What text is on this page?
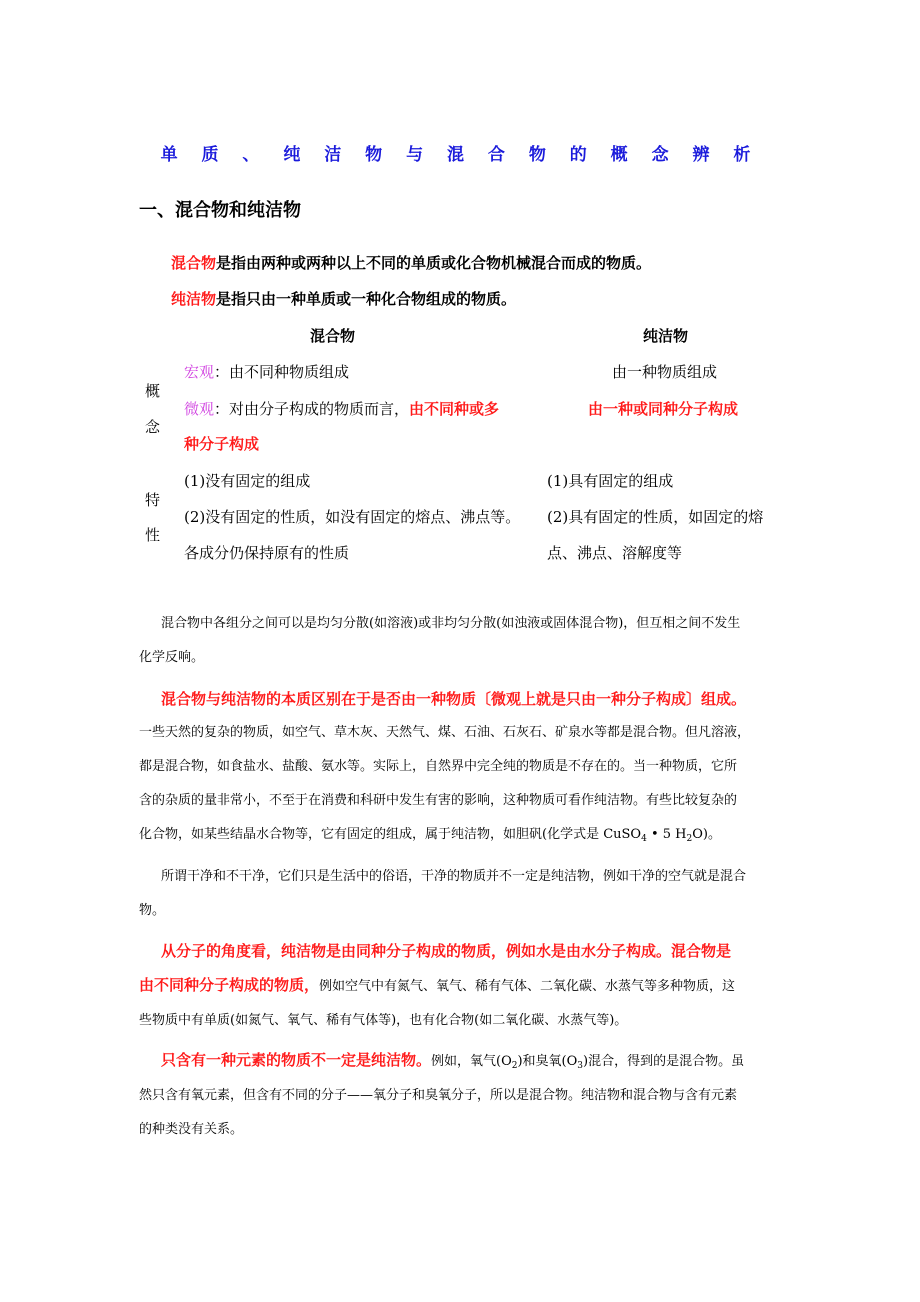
单 质 、 纯 洁 物 与 混 合 物 的 概 念 辨 析
一、混合物和纯洁物
混合物是指由两种或两种以上不同的单质或化合物机械混合而成的物质。
纯洁物是指只由一种单质或一种化合物组成的物质。
混合物	纯洁物
概
念
宏观：由不同种物质组成	由一种物质组成
微观：对由分子构成的物质而言，由不同种或多
种分子构成
由一种或同种分子构成
特
性
(1)没有固定的组成
(2)没有固定的性质，如没有固定的熔点、沸点等。
各成分仍保持原有的性质
(1)具有固定的组成
(2)具有固定的性质，如固定的熔
点、沸点、溶解度等
混合物中各组分之间可以是均匀分散(如溶液)或非均匀分散(如浊液或固体混合物)，但互相之间不发生
化学反响。
混合物与纯洁物的本质区别在于是否由一种物质〔微观上就是只由一种分子构成〕组成。
一些天然的复杂的物质，如空气、草木灰、天然气、煤、石油、石灰石、矿泉水等都是混合物。但凡溶液，
都是混合物，如食盐水、盐酸、氨水等。实际上，自然界中完全纯的物质是不存在的。当一种物质，它所
含的杂质的量非常小，不至于在消费和科研中发生有害的影响，这种物质可看作纯洁物。有些比较复杂的
化合物，如某些结晶水合物等，它有固定的组成，属于纯洁物，如胆矾(化学式是 CuSO$_4$ • 5 $H_2O$)。
所谓干净和不干净，它们只是生活中的俗语，干净的物质并不一定是纯洁物，例如干净的空气就是混合
物。
从分子的角度看，纯洁物是由同种分子构成的物质，例如水是由水分子构成。混合物是
由不同种分子构成的物质，例如空气中有氮气、氧气、稀有气体、二氧化碳、水蒸气等多种物质，这
些物质中有单质(如氮气、氧气、稀有气体等)，也有化合物(如二氧化碳、水蒸气等)。
只含有一种元素的物质不一定是纯洁物。例如，氧气$(O_2)$和臭氧$(O_3)$混合，得到的是混合物。虽
然只含有氧元素，但含有不同的分子——氧分子和臭氧分子，所以是混合物。纯洁物和混合物与含有元素
的种类没有关系。
